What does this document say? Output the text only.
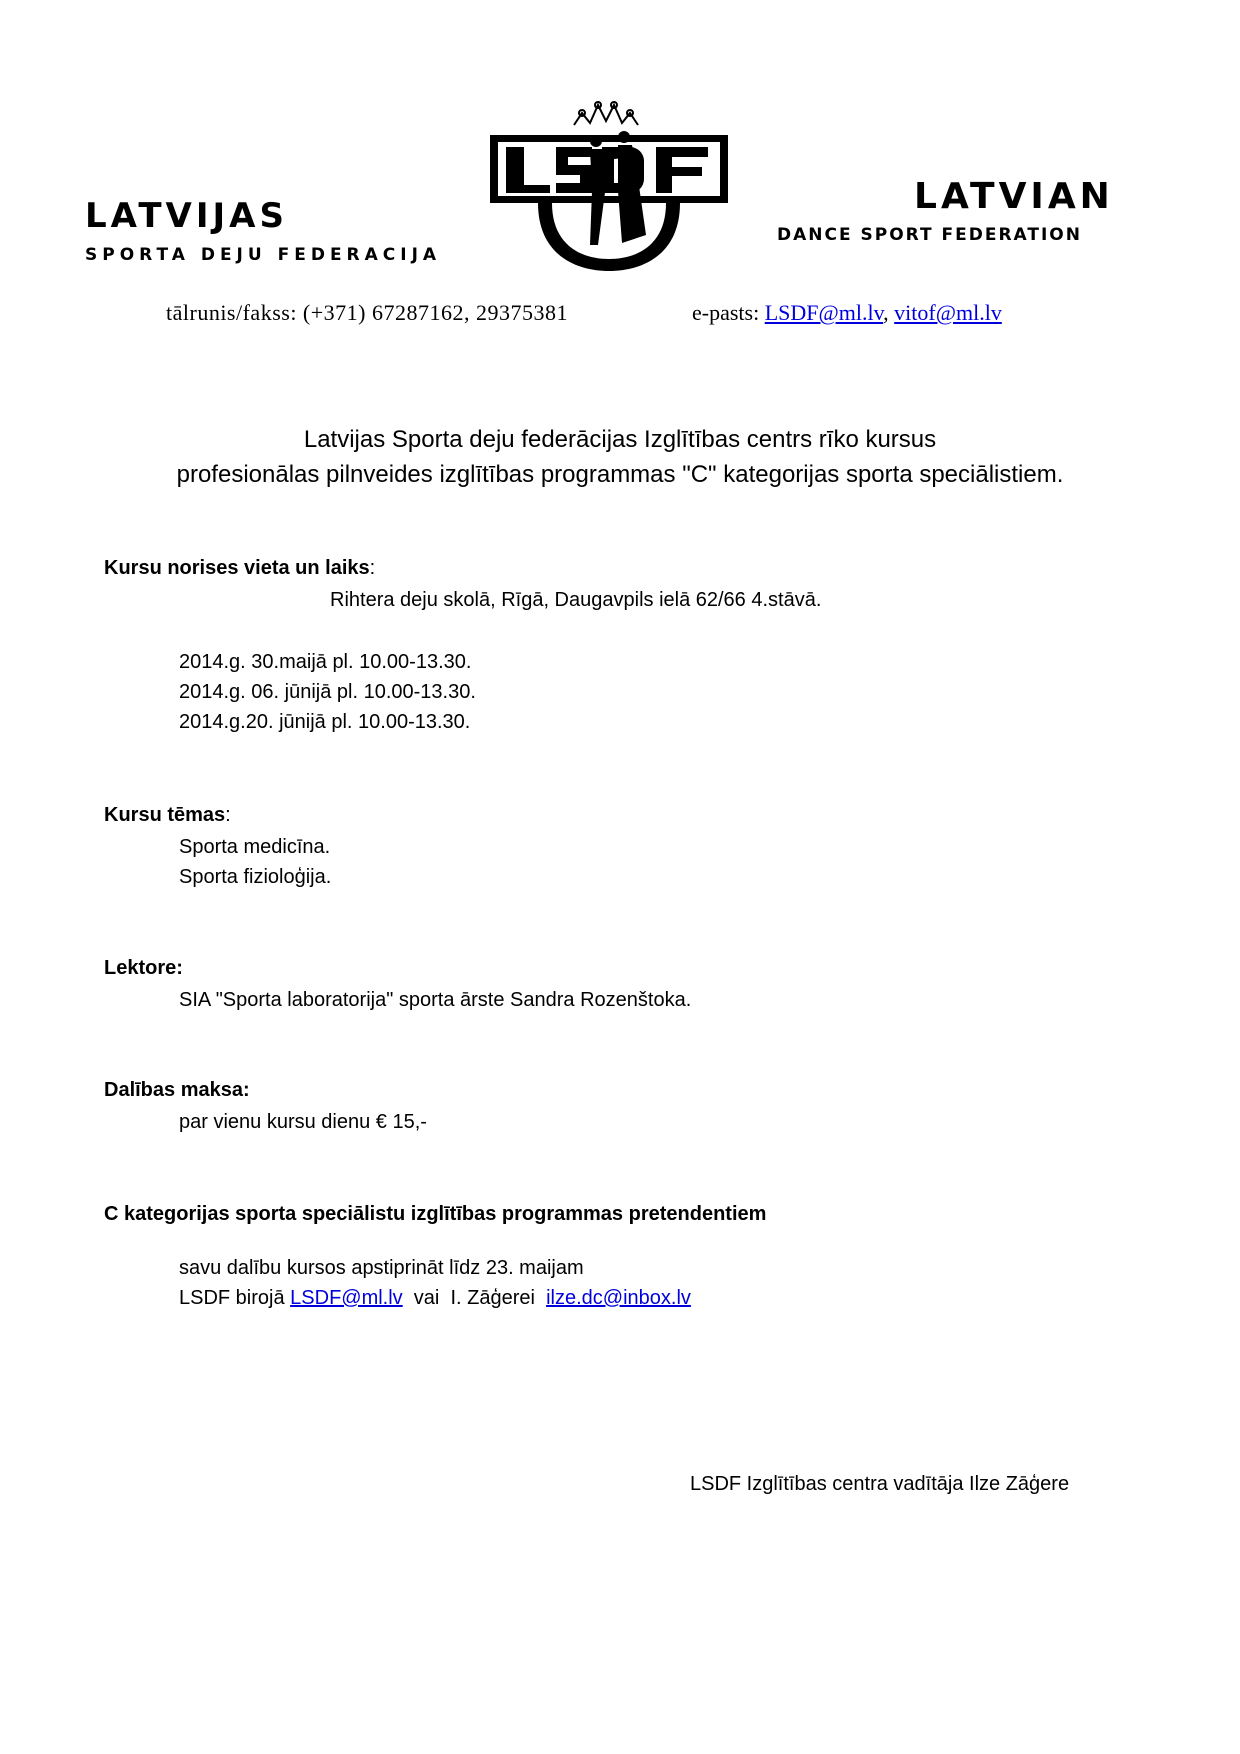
LATVIJAS
SPORTA DEJU FEDERACIJA
LATVIAN
DANCE SPORT FEDERATION
tālrunis/fakss: (+371) 67287162, 29375381	e-pasts: LSDF@ml.lv, vitof@ml.lv
Latvijas Sporta deju federācijas Izglītības centrs rīko kursus
profesionālas pilnveides izglītības programmas "C" kategorijas sporta speciālistiem.
Kursu norises vieta un laiks:
Rihtera deju skolā, Rīgā, Daugavpils ielā 62/66 4.stāvā.
2014.g. 30.maijā pl. 10.00-13.30.
2014.g. 06. jūnijā pl. 10.00-13.30.
2014.g.20. jūnijā pl. 10.00-13.30.
Kursu tēmas:
Sporta medicīna.
Sporta fizioloģija.
Lektore:
SIA "Sporta laboratorija" sporta ārste Sandra Rozenštoka.
Dalības maksa:
par vienu kursu dienu € 15,-
C kategorijas sporta speciālistu izglītības programmas pretendentiem
savu dalību kursos apstiprināt līdz 23. maijam
LSDF birojā LSDF@ml.lv  vai  I. Zāģerei  ilze.dc@inbox.lv
LSDF Izglītības centra vadītāja Ilze Zāģere
